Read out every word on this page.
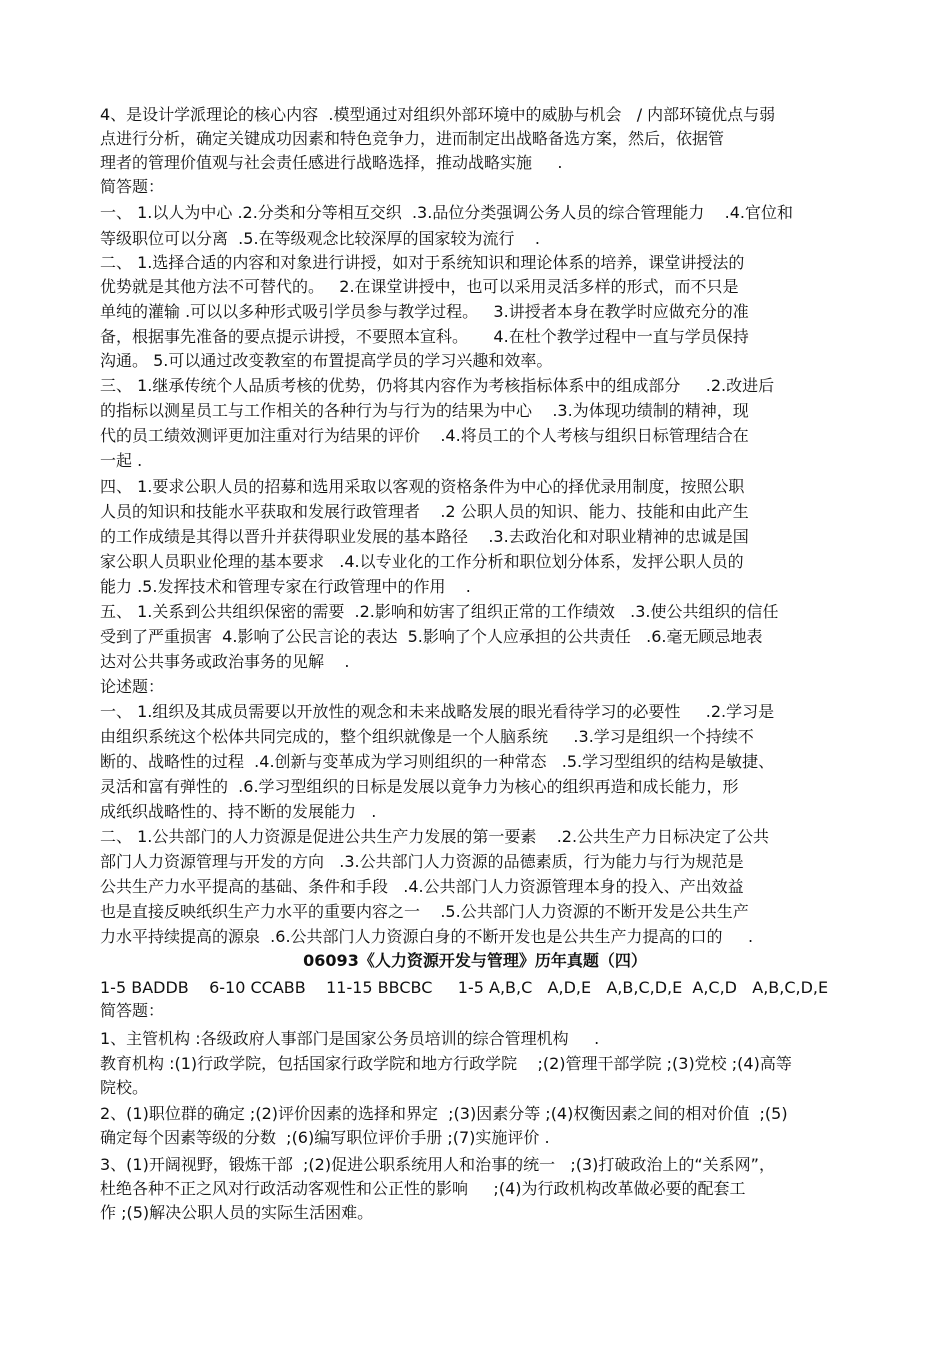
4、是设计学派理论的核心内容  .模型通过对组织外部环境中的威胁与机会   / 内部环镜优点与弱
点进行分析，确定关键成功因素和特色竞争力，进而制定出战略备选方案，然后，依据管
理者的管理价值观与社会责任感进行战略选择，推动战略实施     .
简答题：
一、 1.以人为中心 .2.分类和分等相互交织  .3.品位分类强调公务人员的综合管理能力    .4.官位和
等级职位可以分离  .5.在等级观念比较深厚的国家较为流行    .
二、 1.选择合适的内容和对象进行讲授，如对于系统知识和理论体系的培养，课堂讲授法的
优势就是其他方法不可替代的。   2.在课堂讲授中，也可以采用灵活多样的形式，而不只是
单纯的灌输 .可以以多种形式吸引学员参与教学过程。   3.讲授者本身在教学时应做充分的准
备，根据事先准备的要点提示讲授，不要照本宣科。     4.在杜个教学过程中一直与学员保持
沟通。 5.可以通过改变教室的布置提高学员的学习兴趣和效率。
三、 1.继承传统个人品质考核的优势，仍将其内容作为考核指标体系中的组成部分     .2.改进后
的指标以测星员工与工作相关的各种行为与行为的结果为中心    .3.为体现功绩制的精神，现
代的员工绩效测评更加注重对行为结果的评价    .4.将员工的个人考核与组织日标管理结合在
一起 .
四、 1.要求公职人员的招募和选用采取以客观的资格条件为中心的择优录用制度，按照公职
人员的知识和技能水平获取和发展行政管理者    .2 公职人员的知识、能力、技能和由此产生
的工作成绩是其得以晋升并获得职业发展的基本路径    .3.去政治化和对职业精神的忠诚是国
家公职人员职业伦理的基本要求   .4.以专业化的工作分析和职位划分体系，发抨公职人员的
能力 .5.发挥技术和管理专家在行政管理中的作用    .
五、 1.关系到公共组织保密的需要  .2.影响和妨害了组织正常的工作绩效   .3.使公共组织的信任
受到了严重损害  4.影响了公民言论的表达  5.影响了个人应承担的公共责任   .6.毫无顾忌地表
达对公共事务或政治事务的见解    .
论述题：
一、 1.组织及其成员需要以开放性的观念和未来战略发展的眼光看待学习的必要性     .2.学习是
由组织系统这个松体共同完成的，整个组织就像是一个人脑系统     .3.学习是组织一个持续不
断的、战略性的过程  .4.创新与变革成为学习则组织的一种常态   .5.学习型组织的结构是敏捷、
灵活和富有弹性的  .6.学习型组织的日标是发展以竟争力为核心的组织再造和成长能力，形
成纸织战略性的、持不断的发展能力   .
二、 1.公共部门的人力资源是促进公共生产力发展的第一要素    .2.公共生产力日标决定了公共
部门人力资源管理与开发的方向   .3.公共部门人力资源的品德素质，行为能力与行为规范是
公共生产力水平提高的基础、条件和手段   .4.公共部门人力资源管理本身的投入、产出效益
也是直接反映纸织生产力水平的重要内容之一    .5.公共部门人力资源的不断开发是公共生产
力水平持续提高的源泉  .6.公共部门人力资源白身的不断开发也是公共生产力提高的口的     .
06093《人力资源开发与管理》历年真题（四）
1-5 BADDB    6-10 CCABB    11-15 BBCBC     1-5 A,B,C   A,D,E   A,B,C,D,E  A,C,D   A,B,C,D,E
简答题：
1、主管机构 :各级政府人事部门是国家公务员培训的综合管理机构     .
教育机构 :(1)行政学院，包括国家行政学院和地方行政学院    ;(2)管理干部学院 ;(3)党校 ;(4)高等
院校。
2、(1)职位群的确定 ;(2)评价因素的选择和界定  ;(3)因素分等 ;(4)权衡因素之间的相对价值  ;(5)
确定每个因素等级的分数  ;(6)编写职位评价手册 ;(7)实施评价 .
3、(1)开阔视野，锻炼干部  ;(2)促进公职系统用人和治事的统一   ;(3)打破政治上的“关系网”，
杜绝各种不正之风对行政活动客观性和公正性的影响     ;(4)为行政机构改革做必要的配套工
作 ;(5)解决公职人员的实际生活困难。
